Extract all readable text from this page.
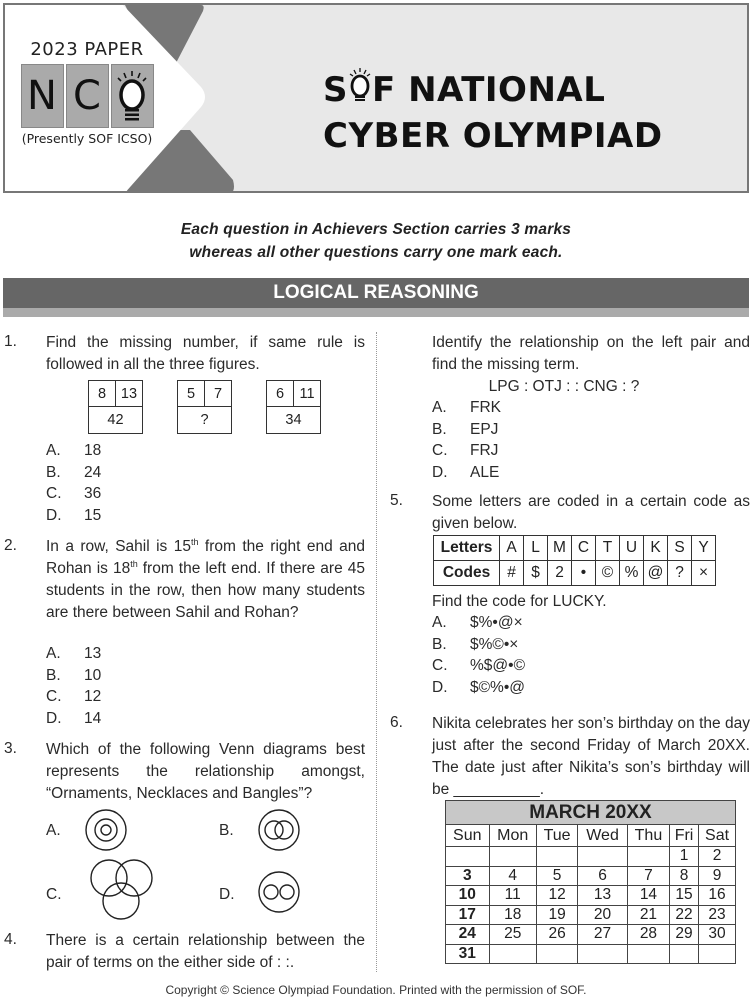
2023 PAPER
N C
(Presently SOF ICSO)
S F NATIONAL
CYBER OLYMPIAD
Each question in Achievers Section carries 3 marks
whereas all other questions carry one mark each.
LOGICAL REASONING
1. Find the missing number, if same rule is followed in all the three figures.
8	13
42
5	7
?
6	11
34
A.	18
B.	24
C.	36
D.	15
2. In a row, Sahil is 15th from the right end and Rohan is 18th from the left end. If there are 45 students in the row, then how many students are there between Sahil and Rohan?
A.	13
B.	10
C.	12
D.	14
3. Which of the following Venn diagrams best represents the relationship amongst, “Ornaments, Necklaces and Bangles”?
A.	B.
C.	D.
4. There is a certain relationship between the pair of terms on the either side of : :.
Identify the relationship on the left pair and find the missing term.
LPG : OTJ : : CNG : ?
A.	FRK
B.	EPJ
C.	FRJ
D.	ALE
5. Some letters are coded in a certain code as given below.
Letters	A	L	M	C	T	U	K	S	Y
Codes	#	$	2	•	©	%	@	?	×
Find the code for LUCKY.
A.	$%•@×
B.	$%©•×
C.	%$@•©
D.	$©%•@
6. Nikita celebrates her son’s birthday on the day just after the second Friday of March 20XX. The date just after Nikita’s son’s birthday will be __________.
MARCH 20XX						
Sun	Mon	Tue	Wed	Thu	Fri	Sat
					1	2
3	4	5	6	7	8	9
10	11	12	13	14	15	16
17	18	19	20	21	22	23
24	25	26	27	28	29	30
31						
Copyright © Science Olympiad Foundation. Printed with the permission of SOF.
